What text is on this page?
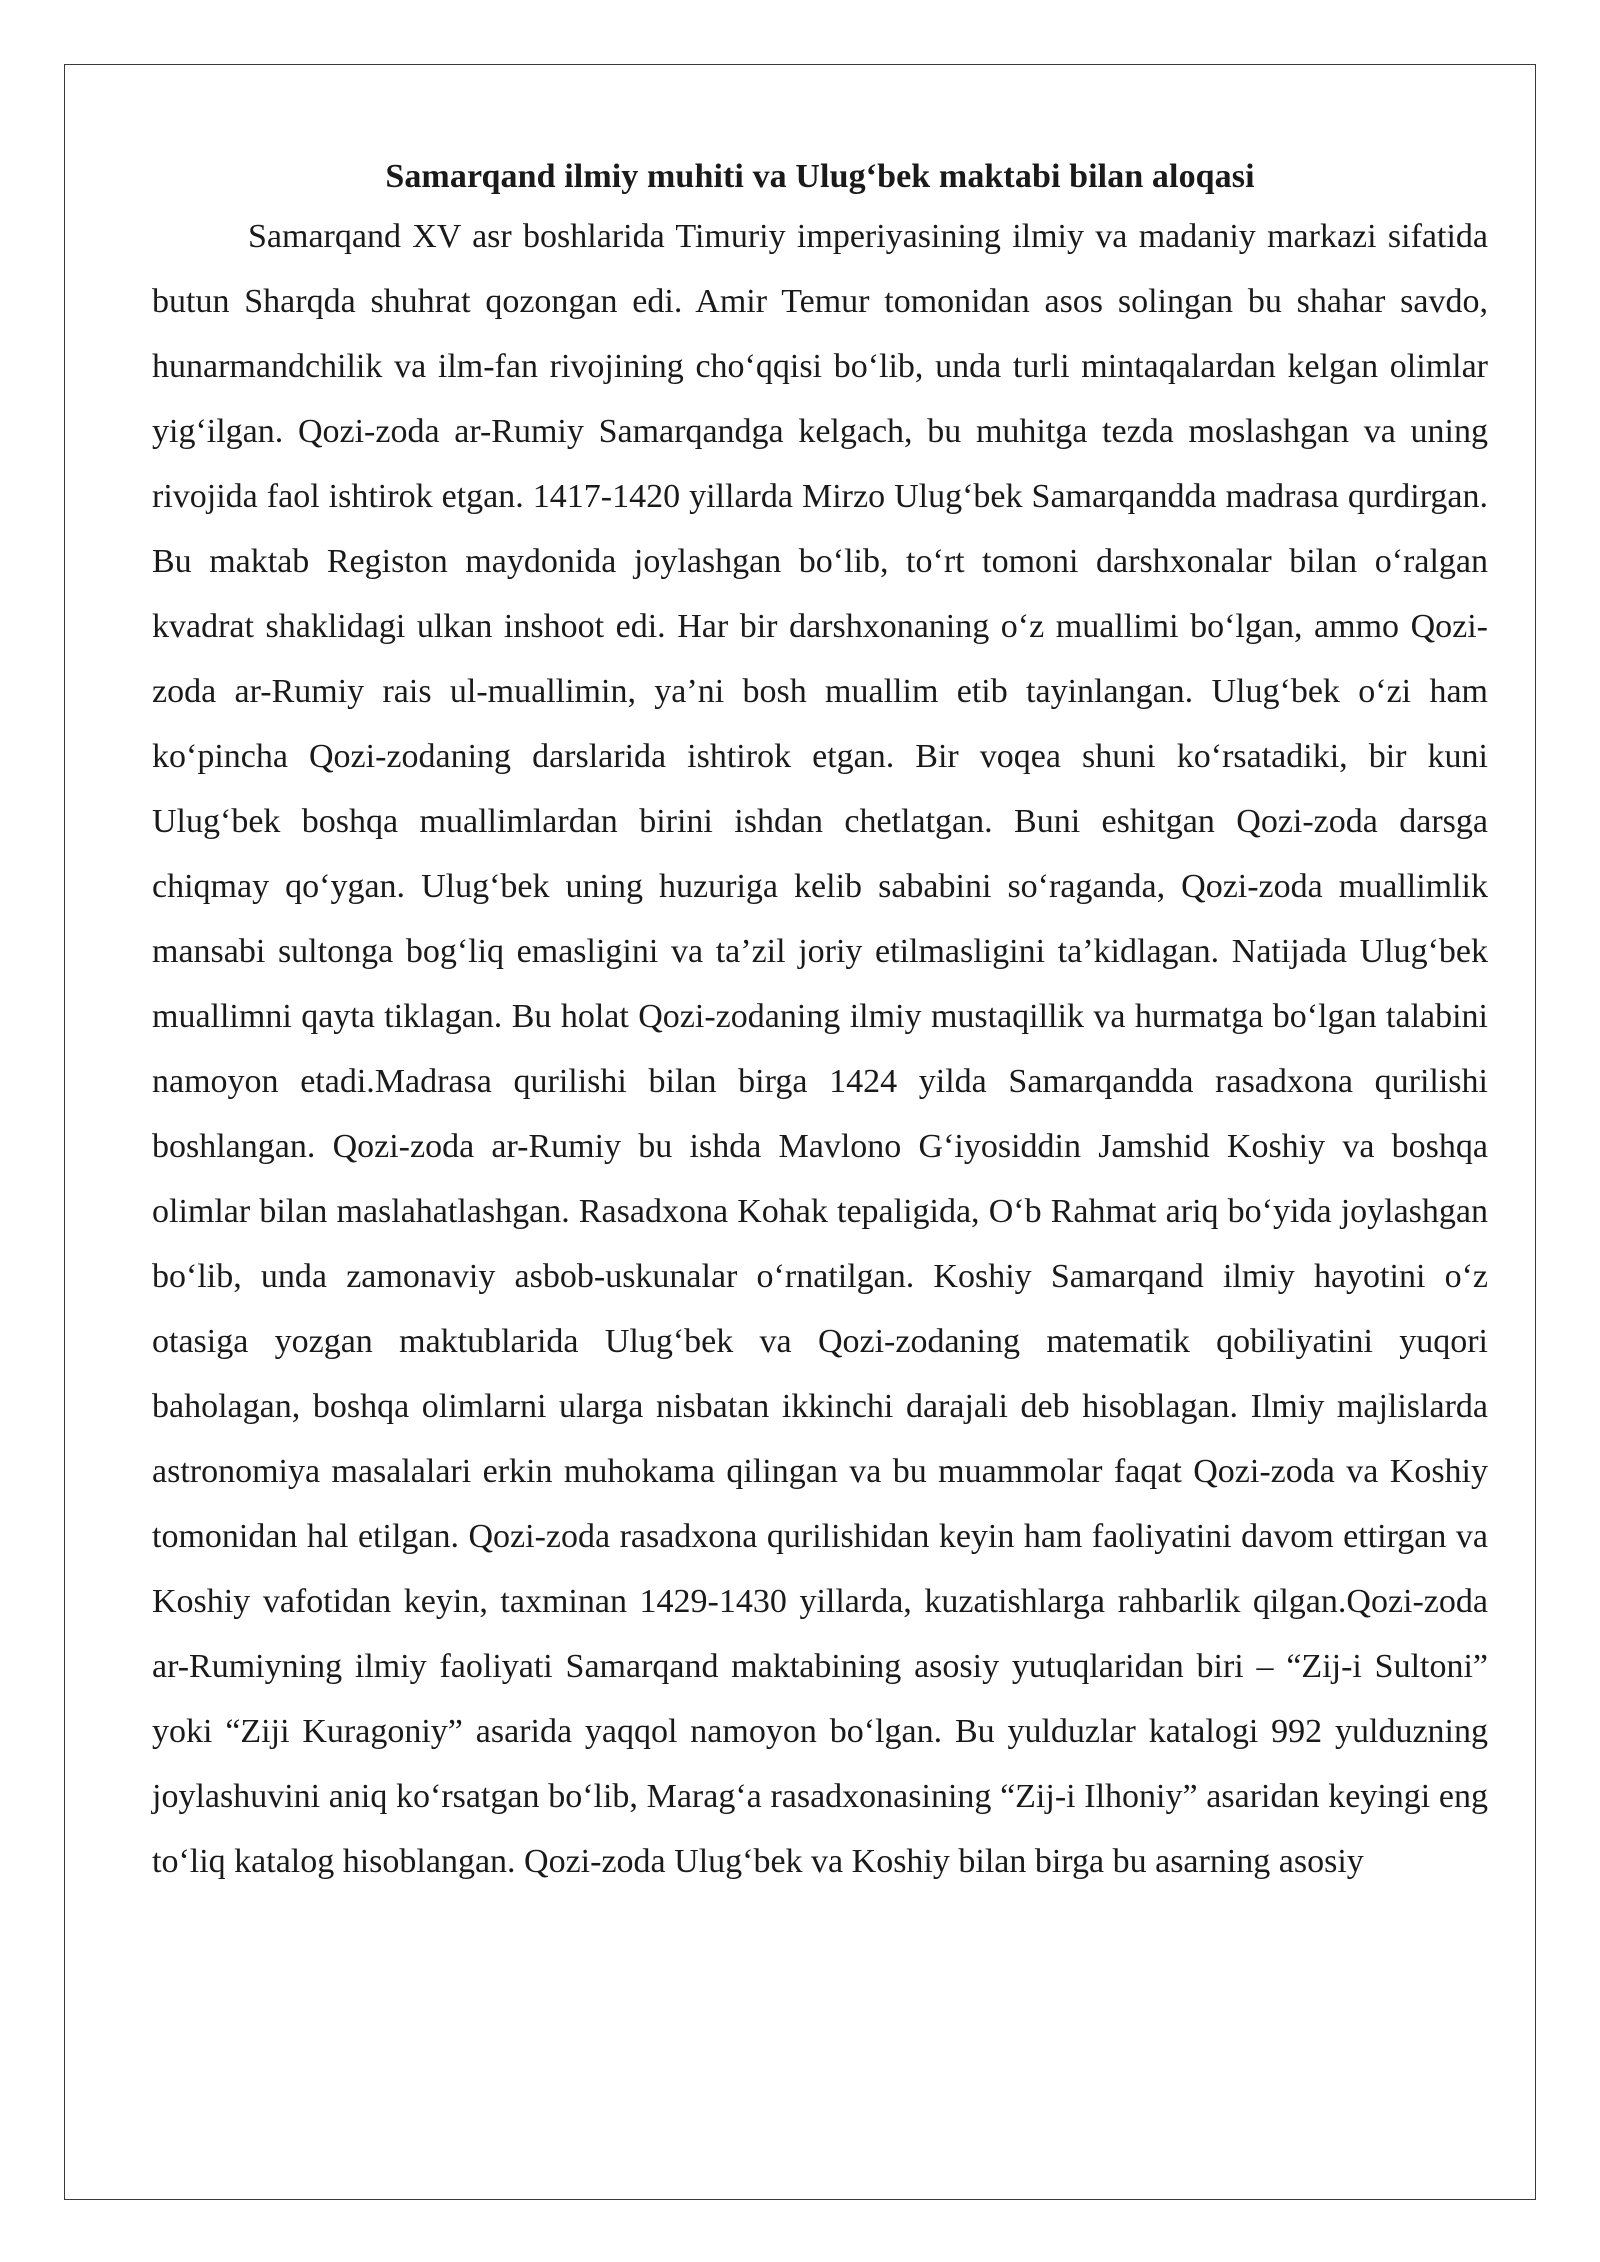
Samarqand ilmiy muhiti va Ulug‘bek maktabi bilan aloqasi

Samarqand XV asr boshlarida Timuriy imperiyasining ilmiy va madaniy markazi sifatida butun Sharqda shuhrat qozongan edi. Amir Temur tomonidan asos solingan bu shahar savdo, hunarmandchilik va ilm-fan rivojining cho‘qqisi bo‘lib, unda turli mintaqalardan kelgan olimlar yig‘ilgan. Qozi-zoda ar-Rumiy Samarqandga kelgach, bu muhitga tezda moslashgan va uning rivojida faol ishtirok etgan. 1417-1420 yillarda Mirzo Ulug‘bek Samarqandda madrasa qurdirgan. Bu maktab Registon maydonida joylashgan bo‘lib, to‘rt tomoni darshxonalar bilan o‘ralgan kvadrat shaklidagi ulkan inshoot edi. Har bir darshxonaning o‘z muallimi bo‘lgan, ammo Qozi-zoda ar-Rumiy rais ul-muallimin, ya’ni bosh muallim etib tayinlangan. Ulug‘bek o‘zi ham ko‘pincha Qozi-zodaning darslarida ishtirok etgan. Bir voqea shuni ko‘rsatadiki, bir kuni Ulug‘bek boshqa muallimlardan birini ishdan chetlatgan. Buni eshitgan Qozi-zoda darsga chiqmay qo‘ygan. Ulug‘bek uning huzuriga kelib sababini so‘raganda, Qozi-zoda muallimlik mansabi sultonga bog‘liq emasligini va ta’zil joriy etilmasligini ta’kidlagan. Natijada Ulug‘bek muallimni qayta tiklagan. Bu holat Qozi-zodaning ilmiy mustaqillik va hurmatga bo‘lgan talabini namoyon etadi.Madrasa qurilishi bilan birga 1424 yilda Samarqandda rasadxona qurilishi boshlangan. Qozi-zoda ar-Rumiy bu ishda Mavlono G‘iyosiddin Jamshid Koshiy va boshqa olimlar bilan maslahatlashgan. Rasadxona Kohak tepaligida, O‘b Rahmat ariq bo‘yida joylashgan bo‘lib, unda zamonaviy asbob-uskunalar o‘rnatilgan. Koshiy Samarqand ilmiy hayotini o‘z otasiga yozgan maktublarida Ulug‘bek va Qozi-zodaning matematik qobiliyatini yuqori baholagan, boshqa olimlarni ularga nisbatan ikkinchi darajali deb hisoblagan. Ilmiy majlislarda astronomiya masalalari erkin muhokama qilingan va bu muammolar faqat Qozi-zoda va Koshiy tomonidan hal etilgan. Qozi-zoda rasadxona qurilishidan keyin ham faoliyatini davom ettirgan va Koshiy vafotidan keyin, taxminan 1429-1430 yillarda, kuzatishlarga rahbarlik qilgan.Qozi-zoda ar-Rumiyning ilmiy faoliyati Samarqand maktabining asosiy yutuqlaridan biri – “Zij-i Sultoni” yoki “Ziji Kuragoniy” asarida yaqqol namoyon bo‘lgan. Bu yulduzlar katalogi 992 yulduzning joylashuvini aniq ko‘rsatgan bo‘lib, Marag‘a rasadxonasining “Zij-i Ilhoniy” asaridan keyingi eng to‘liq katalog hisoblangan. Qozi-zoda Ulug‘bek va Koshiy bilan birga bu asarning asosiy
